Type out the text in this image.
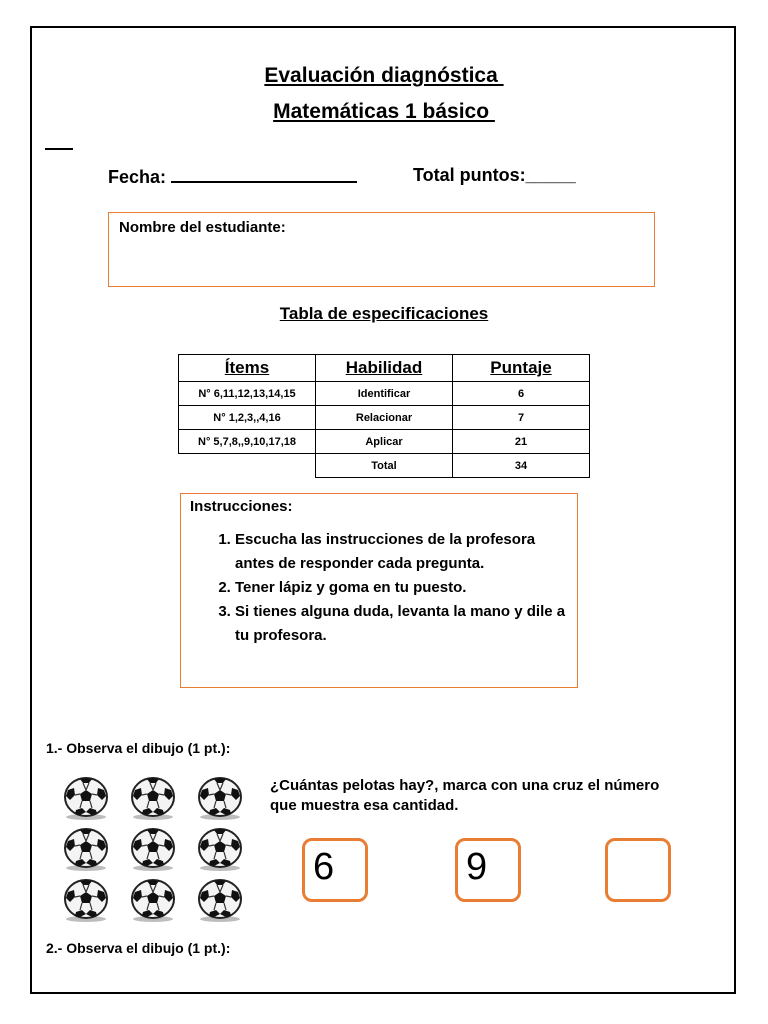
Evaluación diagnóstica
Matemáticas 1 básico
Fecha:	Total puntos:_____
Nombre del estudiante:
Tabla de especificaciones
Ítems	Habilidad	Puntaje
N° 6,11,12,13,14,15	Identificar	6
N° 1,2,3,,4,16	Relacionar	7
N° 5,7,8,,9,10,17,18	Aplicar	21
	Total	34
Instrucciones:
1. Escucha las instrucciones de la profesora antes de responder cada pregunta.
2. Tener lápiz y goma en tu puesto.
3. Si tienes alguna duda, levanta la mano y dile a tu profesora.
1.- Observa el dibujo (1 pt.):
¿Cuántas pelotas hay?, marca con una cruz el número que muestra esa cantidad.
6	9
2.- Observa el dibujo (1 pt.):
